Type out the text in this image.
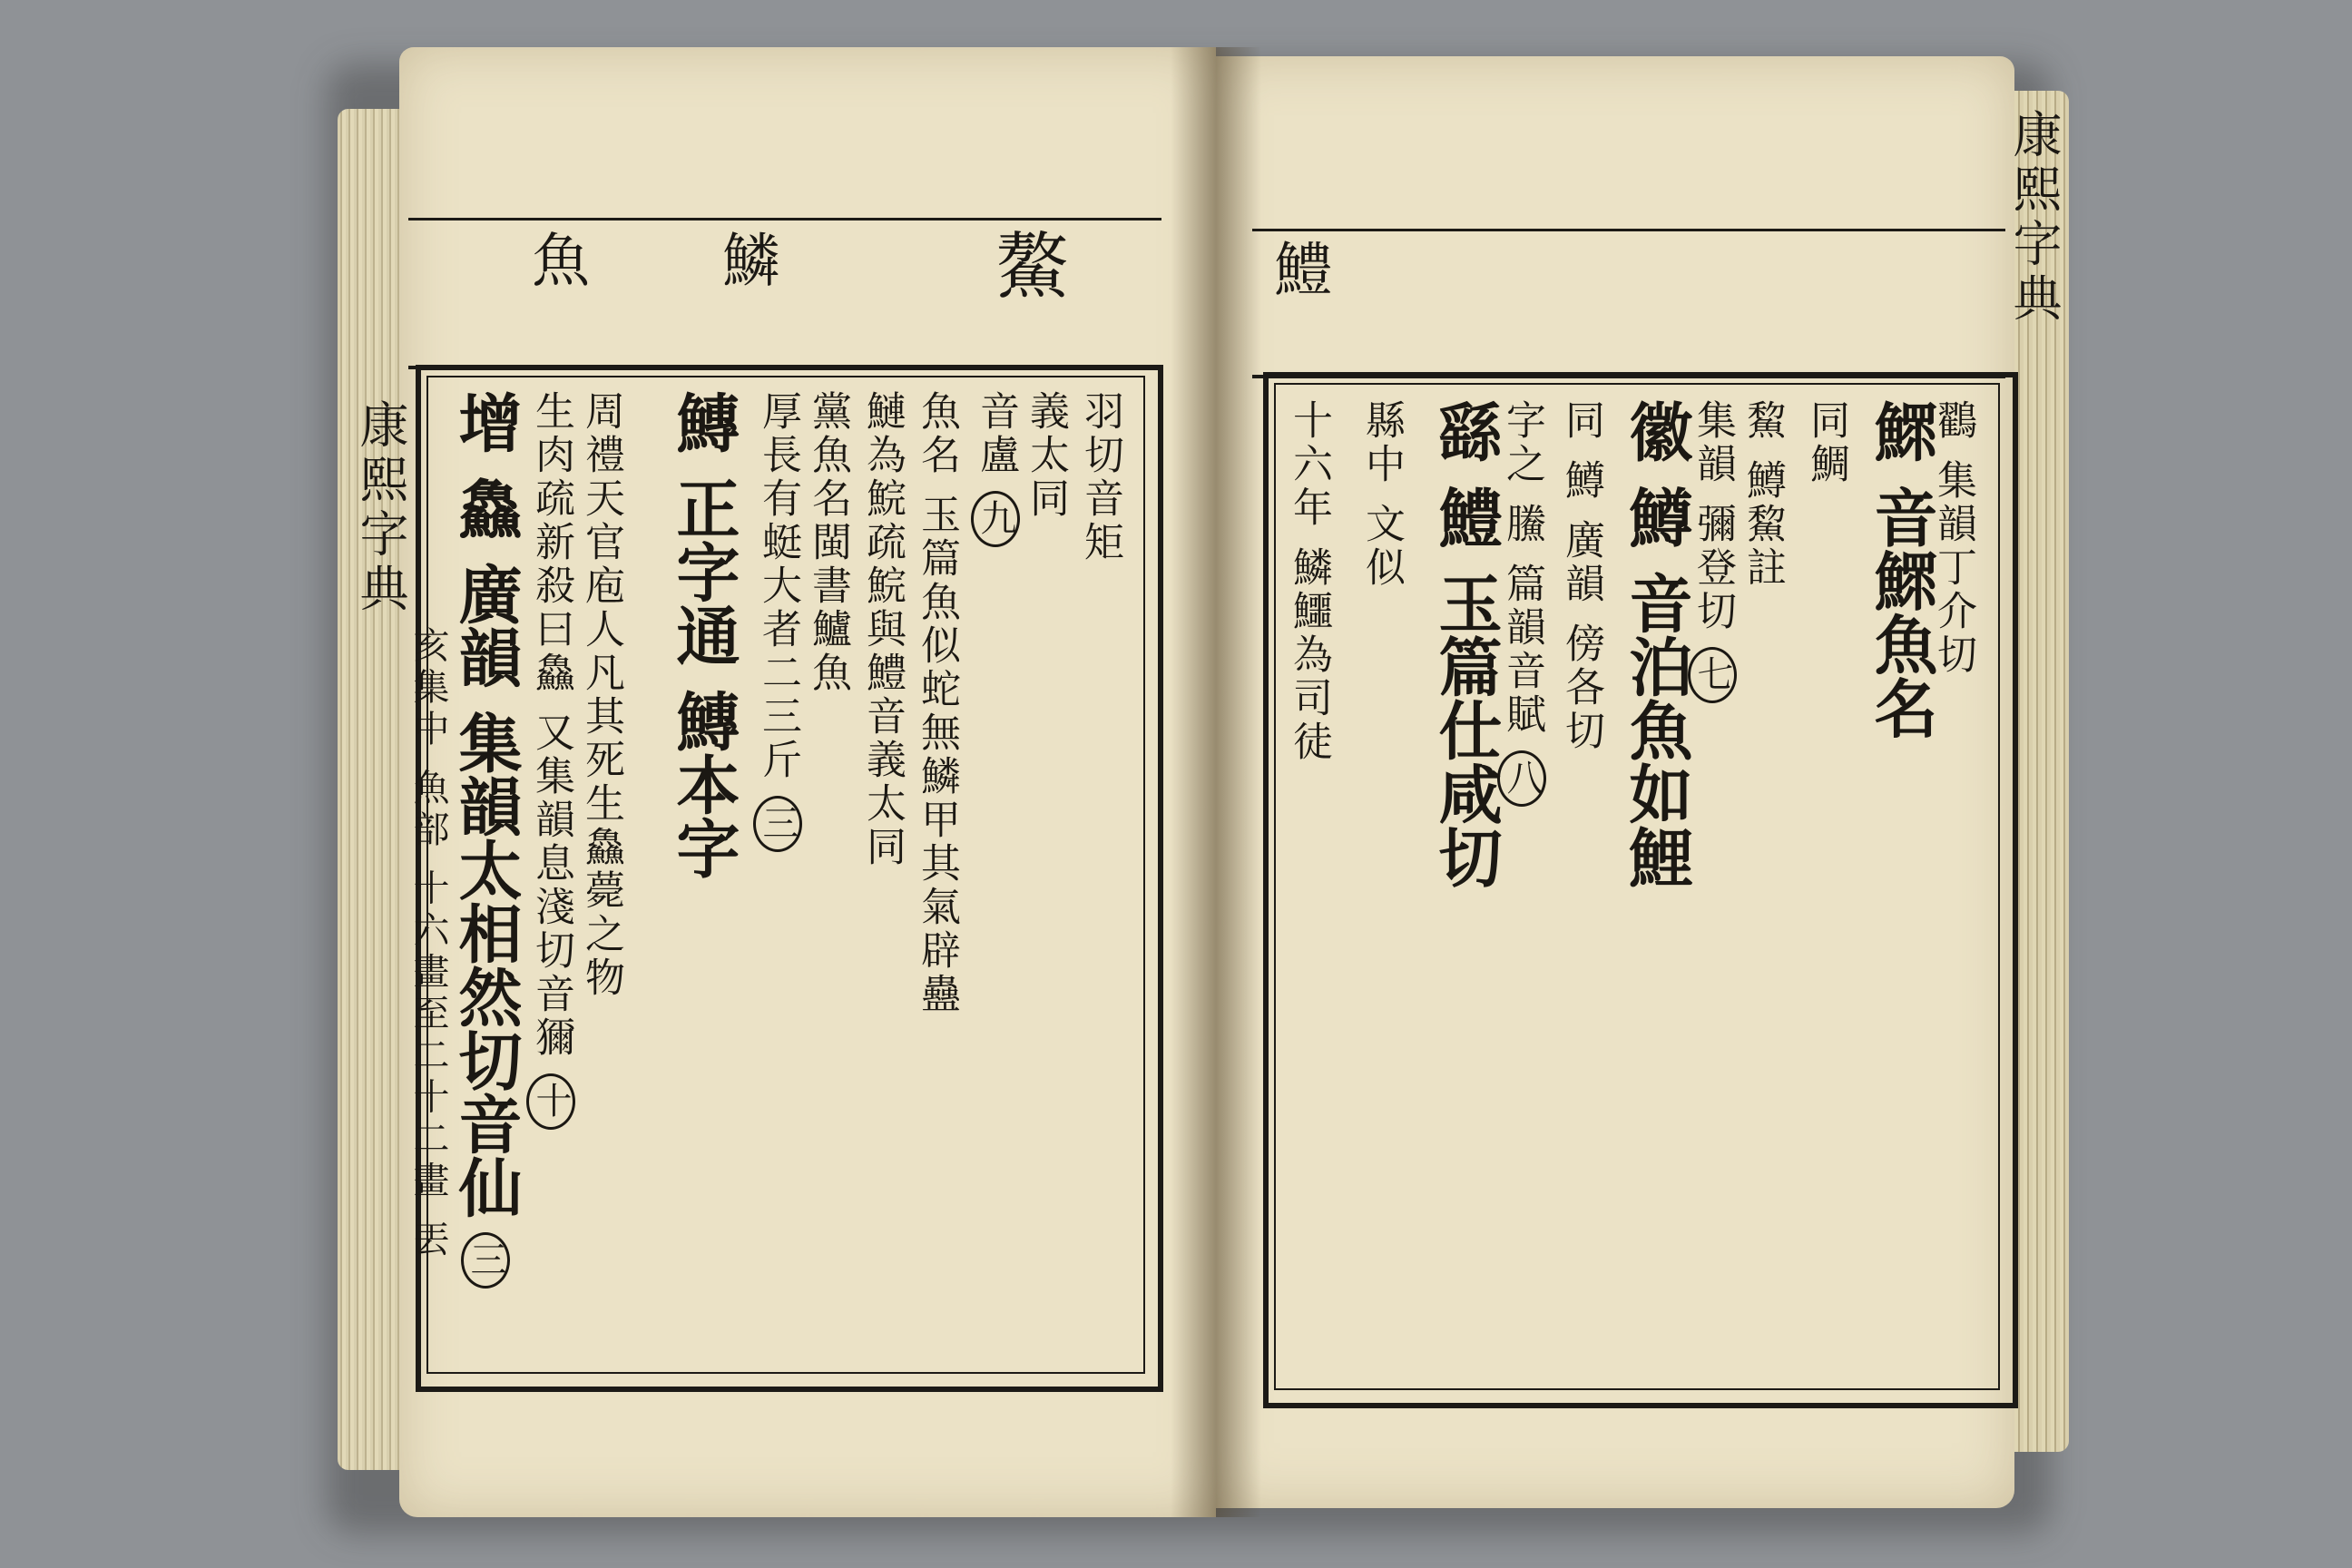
魚 鱗	鰲	鱧
康熙字典
亥集中 魚部 十六畫至二十二畫 丟
康熙字典
羽切音矩
義太同
音盧 九
魚名 玉篇魚似蛇無鱗甲其氣辟蠱
鰱為鯇疏鯇與鱧音義太同
黨魚名閩書鱸魚
厚長有蜓大者二三斤 三
鱄 正字通 鱄本字
周禮天官庖人凡其死生鱻薨之物
生肉疏新殺曰鱻 又集韻息淺切音獮 十
增 鱻 廣韻 集韻太相然切音仙 三
鸐 集韻丁介切
鰥 音鰥魚名
同鯛
鯬 鱒鯬註
集韻 彌登切 七
徽 鱒 音泊魚如鯉
同 鱒 廣韻 傍各切
字之 鰧 篇韻音賦 八
繇 鱧 玉篇仕咸切
縣中 文似
十六年 鱗鱷為司徒
